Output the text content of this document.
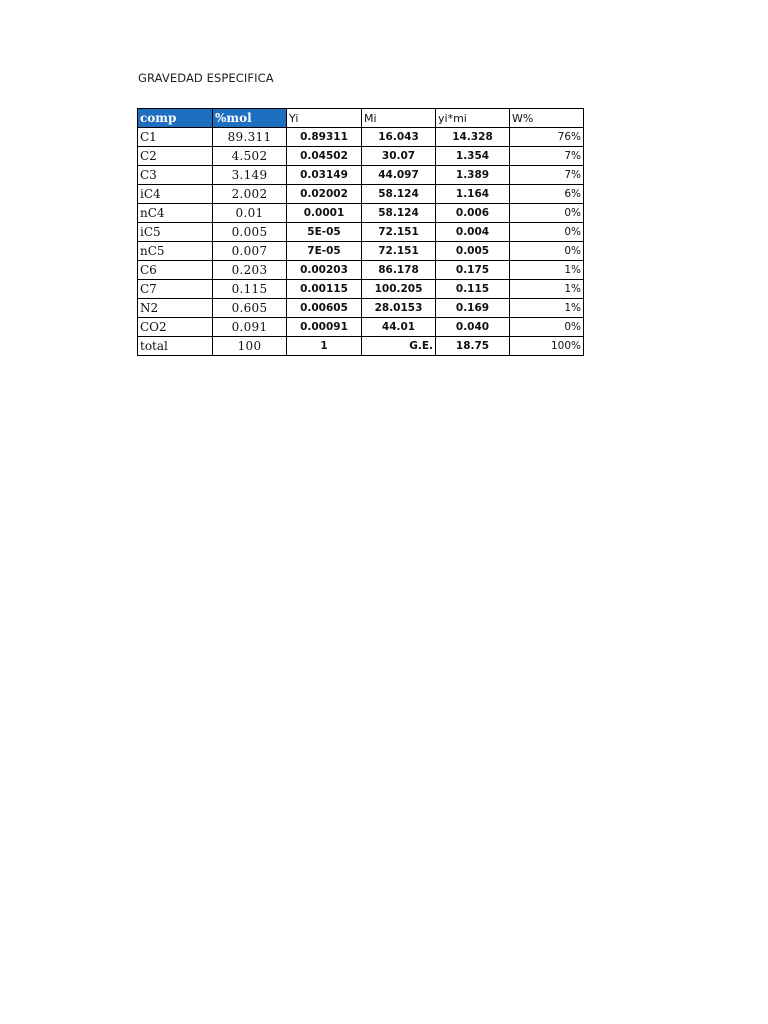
GRAVEDAD ESPECIFICA
comp	%mol	Yi	Mi	yi*mi	W%
C1	89.311	0.89311	16.043	14.328	76%
C2	4.502	0.04502	30.07	1.354	7%
C3	3.149	0.03149	44.097	1.389	7%
iC4	2.002	0.02002	58.124	1.164	6%
nC4	0.01	0.0001	58.124	0.006	0%
iC5	0.005	5E-05	72.151	0.004	0%
nC5	0.007	7E-05	72.151	0.005	0%
C6	0.203	0.00203	86.178	0.175	1%
C7	0.115	0.00115	100.205	0.115	1%
N2	0.605	0.00605	28.0153	0.169	1%
CO2	0.091	0.00091	44.01	0.040	0%
total	100	1	G.E.	18.75	100%
